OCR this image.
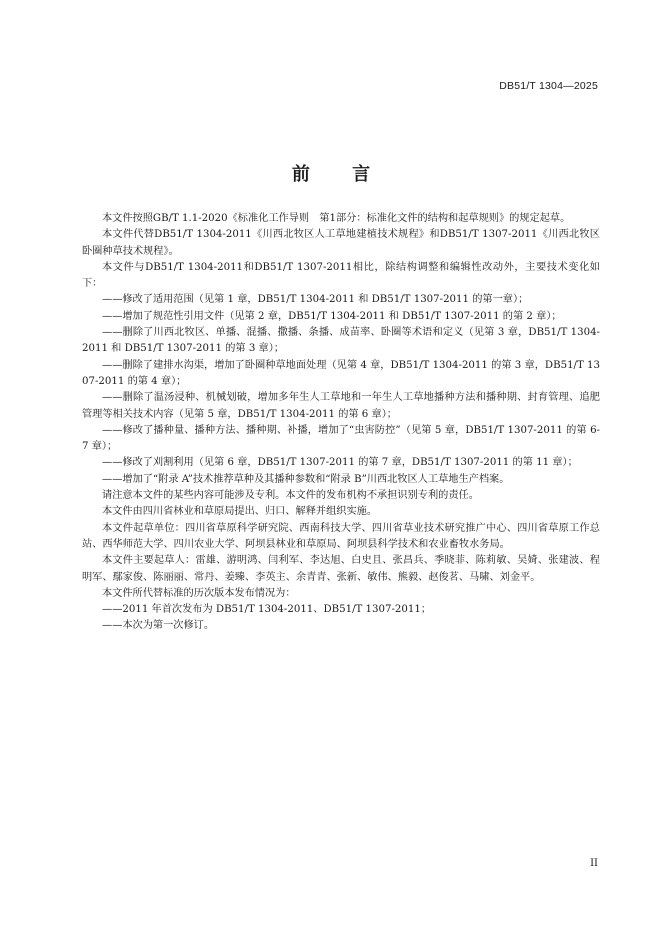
DB51/T 1304—2025
前 言

本文件按照GB/T 1.1-2020《标准化工作导则　第1部分：标准化文件的结构和起草规则》的规定起草。

本文件代替DB51/T 1304-2011《川西北牧区人工草地建植技术规程》和DB51/T 1307-2011《川西北牧区卧圈种草技术规程》。

本文件与DB51/T 1304-2011和DB51/T 1307-2011相比，除结构调整和编辑性改动外，主要技术变化如下：

——修改了适用范围（见第 1 章，DB51/T 1304-2011 和 DB51/T 1307-2011 的第一章）；

——增加了规范性引用文件（见第 2 章，DB51/T 1304-2011 和 DB51/T 1307-2011 的第 2 章）；

——删除了川西北牧区、单播、混播、撒播、条播、成苗率、卧圈等术语和定义（见第 3 章，DB51/T 1304-2011 和 DB51/T 1307-2011 的第 3 章）；

——删除了建排水沟渠，增加了卧圈种草地面处理（见第 4 章，DB51/T 1304-2011 的第 3 章，DB51/T 1307-2011 的第 4 章）；

——删除了温汤浸种、机械划破，增加多年生人工草地和一年生人工草地播种方法和播种期、封育管理、追肥管理等相关技术内容（见第 5 章，DB51/T 1304-2011 的第 6 章）；

——修改了播种量、播种方法、播种期、补播，增加了“虫害防控”（见第 5 章，DB51/T 1307-2011 的第 6-7 章）；

——修改了刈割利用（见第 6 章，DB51/T 1307-2011 的第 7 章，DB51/T 1307-2011 的第 11 章）；

——增加了“附录 A”技术推荐草种及其播种参数和“附录 B”川西北牧区人工草地生产档案。

请注意本文件的某些内容可能涉及专利。本文件的发布机构不承担识别专利的责任。

本文件由四川省林业和草原局提出、归口、解释并组织实施。

本文件起草单位：四川省草原科学研究院、西南科技大学、四川省草业技术研究推广中心、四川省草原工作总站、西华师范大学、四川农业大学、阿坝县林业和草原局、阿坝县科学技术和农业畜牧水务局。

本文件主要起草人：雷雄、游明鸿、闫利军、李达旭、白史且、张昌兵、季晓菲、陈莉敏、吴婍、张建波、程明军、鄢家俊、陈丽丽、常丹、姜臻、李英主、余青青、张新、敏伟、熊毅、赵俊茗、马啸、刘金平。

本文件所代替标准的历次版本发布情况为：

——2011 年首次发布为 DB51/T 1304-2011、DB51/T 1307-2011；

——本次为第一次修订。

II
